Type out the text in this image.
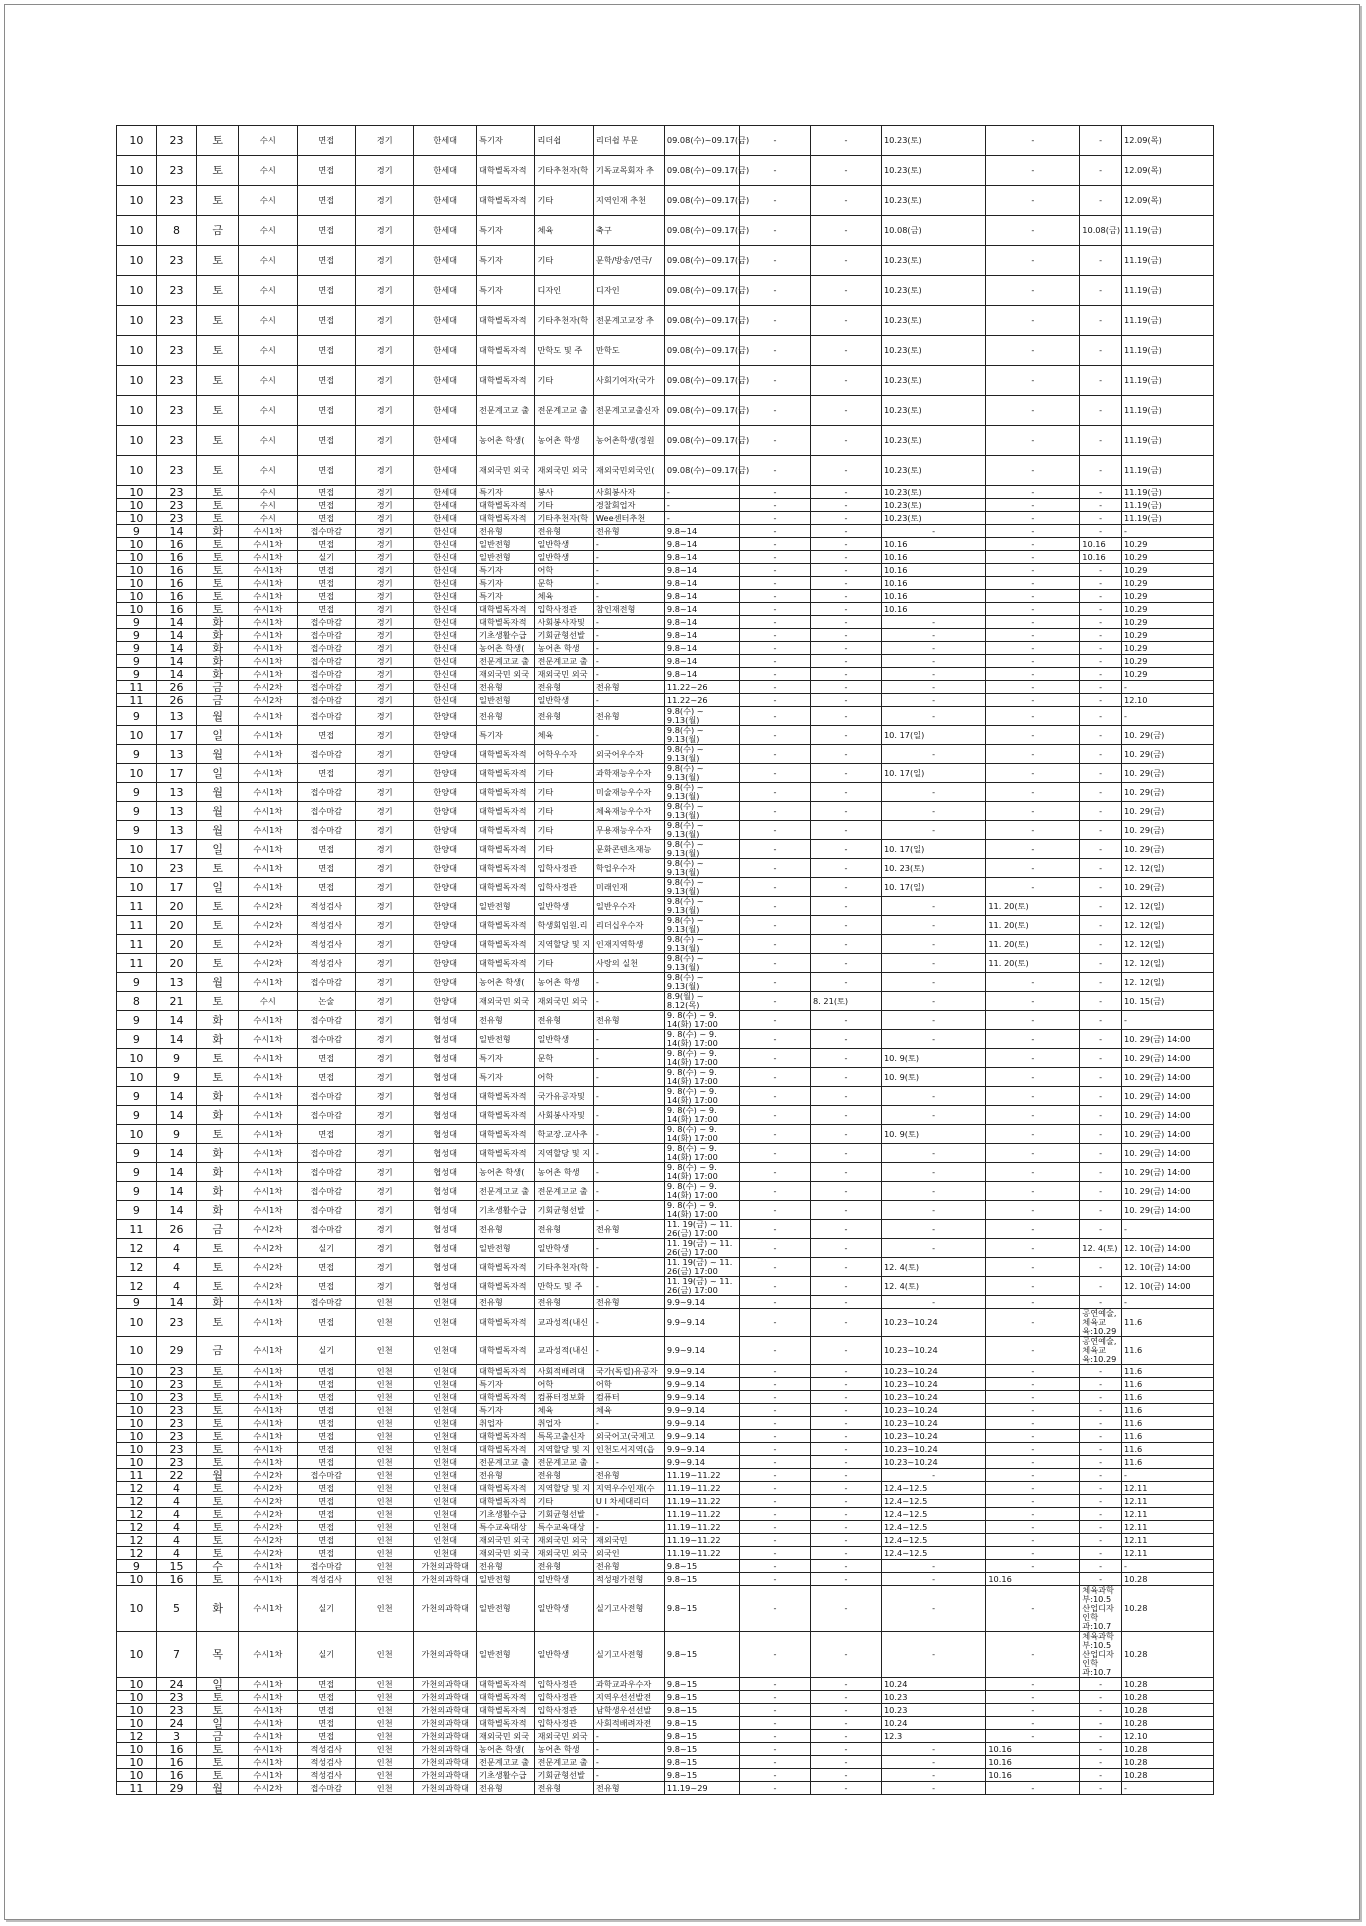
10	23	토	수시	면접	경기	한세대	특기자	리더쉽	리더쉽 부문	09.08(수)~09.17(금)	-	-	10.23(토)	-	-	12.09(목)
10	23	토	수시	면접	경기	한세대	대학별독자적	기타추천자(학	기독교목회자 추	09.08(수)~09.17(금)	-	-	10.23(토)	-	-	12.09(목)
10	23	토	수시	면접	경기	한세대	대학별독자적	기타	지역인재 추천	09.08(수)~09.17(금)	-	-	10.23(토)	-	-	12.09(목)
10	8	금	수시	면접	경기	한세대	특기자	체육	축구	09.08(수)~09.17(금)	-	-	10.08(금)	-	10.08(금)	11.19(금)
10	23	토	수시	면접	경기	한세대	특기자	기타	문학/방송/연극/	09.08(수)~09.17(금)	-	-	10.23(토)	-	-	11.19(금)
10	23	토	수시	면접	경기	한세대	특기자	디자인	디자인	09.08(수)~09.17(금)	-	-	10.23(토)	-	-	11.19(금)
10	23	토	수시	면접	경기	한세대	대학별독자적	기타추천자(학	전문계고교장 추	09.08(수)~09.17(금)	-	-	10.23(토)	-	-	11.19(금)
10	23	토	수시	면접	경기	한세대	대학별독자적	만학도 및 주	만학도	09.08(수)~09.17(금)	-	-	10.23(토)	-	-	11.19(금)
10	23	토	수시	면접	경기	한세대	대학별독자적	기타	사회기여자(국가	09.08(수)~09.17(금)	-	-	10.23(토)	-	-	11.19(금)
10	23	토	수시	면접	경기	한세대	전문계고교 출	전문계고교 출	전문계고교출신자	09.08(수)~09.17(금)	-	-	10.23(토)	-	-	11.19(금)
10	23	토	수시	면접	경기	한세대	농어촌 학생(	농어촌 학생	농어촌학생(정원	09.08(수)~09.17(금)	-	-	10.23(토)	-	-	11.19(금)
10	23	토	수시	면접	경기	한세대	재외국민 외국	재외국민 외국	재외국민외국인(	09.08(수)~09.17(금)	-	-	10.23(토)	-	-	11.19(금)
10	23	토	수시	면접	경기	한세대	특기자	봉사	사회봉사자	-	-	-	10.23(토)	-	-	11.19(금)
10	23	토	수시	면접	경기	한세대	대학별독자적	기타	경찰회업자	-	-	-	10.23(토)	-	-	11.19(금)
10	23	토	수시	면접	경기	한세대	대학별독자적	기타추천자(학	Wee센터추천	-	-	-	10.23(토)	-	-	11.19(금)
9	14	화	수시1차	접수마감	경기	한신대	전유형	전유형	전유형	9.8~14	-	-	-	-	-	-
10	16	토	수시1차	면접	경기	한신대	일반전형	일반학생	-	9.8~14	-	-	10.16	-	10.16	10.29
10	16	토	수시1차	실기	경기	한신대	일반전형	일반학생	-	9.8~14	-	-	10.16	-	10.16	10.29
10	16	토	수시1차	면접	경기	한신대	특기자	어학	-	9.8~14	-	-	10.16	-	-	10.29
10	16	토	수시1차	면접	경기	한신대	특기자	문학	-	9.8~14	-	-	10.16	-	-	10.29
10	16	토	수시1차	면접	경기	한신대	특기자	체육	-	9.8~14	-	-	10.16	-	-	10.29
10	16	토	수시1차	면접	경기	한신대	대학별독자적	입학사정관	참인재전형	9.8~14	-	-	10.16	-	-	10.29
9	14	화	수시1차	접수마감	경기	한신대	대학별독자적	사회봉사자및	-	9.8~14	-	-	-	-	-	10.29
9	14	화	수시1차	접수마감	경기	한신대	기초생활수급	기회균형선발	-	9.8~14	-	-	-	-	-	10.29
9	14	화	수시1차	접수마감	경기	한신대	농어촌 학생(	농어촌 학생	-	9.8~14	-	-	-	-	-	10.29
9	14	화	수시1차	접수마감	경기	한신대	전문계고교 출	전문계고교 출	-	9.8~14	-	-	-	-	-	10.29
9	14	화	수시1차	접수마감	경기	한신대	재외국민 외국	재외국민 외국	-	9.8~14	-	-	-	-	-	10.29
11	26	금	수시2차	접수마감	경기	한신대	전유형	전유형	전유형	11.22~26	-	-	-	-	-	-
11	26	금	수시2차	접수마감	경기	한신대	일반전형	일반학생	-	11.22~26	-	-	-	-	-	12.10
9	13	월	수시1차	접수마감	경기	한양대	전유형	전유형	전유형	9.8(수) ~ 9.13(월)	-	-	-	-	-	-
10	17	일	수시1차	면접	경기	한양대	특기자	체육	-	9.8(수) ~ 9.13(월)	-	-	10. 17(일)	-	-	10. 29(금)
9	13	월	수시1차	접수마감	경기	한양대	대학별독자적	어학우수자	외국어우수자	9.8(수) ~ 9.13(월)	-	-	-	-	-	10. 29(금)
10	17	일	수시1차	면접	경기	한양대	대학별독자적	기타	과학재능우수자	9.8(수) ~ 9.13(월)	-	-	10. 17(일)	-	-	10. 29(금)
9	13	월	수시1차	접수마감	경기	한양대	대학별독자적	기타	미술재능우수자	9.8(수) ~ 9.13(월)	-	-	-	-	-	10. 29(금)
9	13	월	수시1차	접수마감	경기	한양대	대학별독자적	기타	체육재능우수자	9.8(수) ~ 9.13(월)	-	-	-	-	-	10. 29(금)
9	13	월	수시1차	접수마감	경기	한양대	대학별독자적	기타	무용재능우수자	9.8(수) ~ 9.13(월)	-	-	-	-	-	10. 29(금)
10	17	일	수시1차	면접	경기	한양대	대학별독자적	기타	문화콘텐츠재능	9.8(수) ~ 9.13(월)	-	-	10. 17(일)	-	-	10. 29(금)
10	23	토	수시1차	면접	경기	한양대	대학별독자적	입학사정관	학업우수자	9.8(수) ~ 9.13(월)	-	-	10. 23(토)	-	-	12. 12(일)
10	17	일	수시1차	면접	경기	한양대	대학별독자적	입학사정관	미래인재	9.8(수) ~ 9.13(월)	-	-	10. 17(일)	-	-	10. 29(금)
11	20	토	수시2차	적성검사	경기	한양대	일반전형	일반학생	일반우수자	9.8(수) ~ 9.13(월)	-	-	-	11. 20(토)	-	12. 12(일)
11	20	토	수시2차	적성검사	경기	한양대	대학별독자적	학생회임원.리	리더십우수자	9.8(수) ~ 9.13(월)	-	-	-	11. 20(토)	-	12. 12(일)
11	20	토	수시2차	적성검사	경기	한양대	대학별독자적	지역할당 및 지	인재지역학생	9.8(수) ~ 9.13(월)	-	-	-	11. 20(토)	-	12. 12(일)
11	20	토	수시2차	적성검사	경기	한양대	대학별독자적	기타	사랑의 실천	9.8(수) ~ 9.13(월)	-	-	-	11. 20(토)	-	12. 12(일)
9	13	월	수시1차	접수마감	경기	한양대	농어촌 학생(	농어촌 학생	-	9.8(수) ~ 9.13(월)	-	-	-	-	-	12. 12(일)
8	21	토	수시	논술	경기	한양대	재외국민 외국	재외국민 외국	-	8.9(월) ~ 8.12(목)	-	8. 21(토)	-	-	-	10. 15(금)
9	14	화	수시1차	접수마감	경기	협성대	전유형	전유형	전유형	9. 8(수) ~ 9. 14(화) 17:00	-	-	-	-	-	-
9	14	화	수시1차	접수마감	경기	협성대	일반전형	일반학생	-	9. 8(수) ~ 9. 14(화) 17:00	-	-	-	-	-	10. 29(금) 14:00
10	9	토	수시1차	면접	경기	협성대	특기자	문학	-	9. 8(수) ~ 9. 14(화) 17:00	-	-	10. 9(토)	-	-	10. 29(금) 14:00
10	9	토	수시1차	면접	경기	협성대	특기자	어학	-	9. 8(수) ~ 9. 14(화) 17:00	-	-	10. 9(토)	-	-	10. 29(금) 14:00
9	14	화	수시1차	접수마감	경기	협성대	대학별독자적	국가유공자및	-	9. 8(수) ~ 9. 14(화) 17:00	-	-	-	-	-	10. 29(금) 14:00
9	14	화	수시1차	접수마감	경기	협성대	대학별독자적	사회봉사자및	-	9. 8(수) ~ 9. 14(화) 17:00	-	-	-	-	-	10. 29(금) 14:00
10	9	토	수시1차	면접	경기	협성대	대학별독자적	학교장.교사추	-	9. 8(수) ~ 9. 14(화) 17:00	-	-	10. 9(토)	-	-	10. 29(금) 14:00
9	14	화	수시1차	접수마감	경기	협성대	대학별독자적	지역할당 및 지	-	9. 8(수) ~ 9. 14(화) 17:00	-	-	-	-	-	10. 29(금) 14:00
9	14	화	수시1차	접수마감	경기	협성대	농어촌 학생(	농어촌 학생	-	9. 8(수) ~ 9. 14(화) 17:00	-	-	-	-	-	10. 29(금) 14:00
9	14	화	수시1차	접수마감	경기	협성대	전문계고교 출	전문계고교 출	-	9. 8(수) ~ 9. 14(화) 17:00	-	-	-	-	-	10. 29(금) 14:00
9	14	화	수시1차	접수마감	경기	협성대	기초생활수급	기회균형선발	-	9. 8(수) ~ 9. 14(화) 17:00	-	-	-	-	-	10. 29(금) 14:00
11	26	금	수시2차	접수마감	경기	협성대	전유형	전유형	전유형	11. 19(금) ~ 11. 26(금) 17:00	-	-	-	-	-	-
12	4	토	수시2차	실기	경기	협성대	일반전형	일반학생	-	11. 19(금) ~ 11. 26(금) 17:00	-	-	-	-	12. 4(토)	12. 10(금) 14:00
12	4	토	수시2차	면접	경기	협성대	대학별독자적	기타추천자(학	-	11. 19(금) ~ 11. 26(금) 17:00	-	-	12. 4(토)	-	-	12. 10(금) 14:00
12	4	토	수시2차	면접	경기	협성대	대학별독자적	만학도 및 주	-	11. 19(금) ~ 11. 26(금) 17:00	-	-	12. 4(토)	-	-	12. 10(금) 14:00
9	14	화	수시1차	접수마감	인천	인천대	전유형	전유형	전유형	9.9~9.14	-	-	-	-	-	-
10	23	토	수시1차	면접	인천	인천대	대학별독자적	교과성적(내신	-	9.9~9.14	-	-	10.23~10.24	-	공연예술,체육교육:10.29	11.6
10	29	금	수시1차	실기	인천	인천대	대학별독자적	교과성적(내신	-	9.9~9.14	-	-	10.23~10.24	-	공연예술,체육교육:10.29	11.6
10	23	토	수시1차	면접	인천	인천대	대학별독자적	사회적배려대	국가(독립)유공자	9.9~9.14	-	-	10.23~10.24	-	-	11.6
10	23	토	수시1차	면접	인천	인천대	특기자	어학	어학	9.9~9.14	-	-	10.23~10.24	-	-	11.6
10	23	토	수시1차	면접	인천	인천대	대학별독자적	컴퓨터정보화	컴퓨터	9.9~9.14	-	-	10.23~10.24	-	-	11.6
10	23	토	수시1차	면접	인천	인천대	특기자	체육	체육	9.9~9.14	-	-	10.23~10.24	-	-	11.6
10	23	토	수시1차	면접	인천	인천대	취업자	취업자	-	9.9~9.14	-	-	10.23~10.24	-	-	11.6
10	23	토	수시1차	면접	인천	인천대	대학별독자적	특목고출신자	외국어고(국제고	9.9~9.14	-	-	10.23~10.24	-	-	11.6
10	23	토	수시1차	면접	인천	인천대	대학별독자적	지역할당 및 지	인천도서지역(읍	9.9~9.14	-	-	10.23~10.24	-	-	11.6
10	23	토	수시1차	면접	인천	인천대	전문계고교 출	전문계고교 출	-	9.9~9.14	-	-	10.23~10.24	-	-	11.6
11	22	월	수시2차	접수마감	인천	인천대	전유형	전유형	전유형	11.19~11.22	-	-	-	-	-	-
12	4	토	수시2차	면접	인천	인천대	대학별독자적	지역할당 및 지	지역우수인재(수	11.19~11.22	-	-	12.4~12.5	-	-	12.11
12	4	토	수시2차	면접	인천	인천대	대학별독자적	기타	U I 차세대리더	11.19~11.22	-	-	12.4~12.5	-	-	12.11
12	4	토	수시2차	면접	인천	인천대	기초생활수급	기회균형선발	-	11.19~11.22	-	-	12.4~12.5	-	-	12.11
12	4	토	수시2차	면접	인천	인천대	특수교육대상	특수교육대상	-	11.19~11.22	-	-	12.4~12.5	-	-	12.11
12	4	토	수시2차	면접	인천	인천대	재외국민 외국	재외국민 외국	재외국민	11.19~11.22	-	-	12.4~12.5	-	-	12.11
12	4	토	수시2차	면접	인천	인천대	재외국민 외국	재외국민 외국	외국인	11.19~11.22	-	-	12.4~12.5	-	-	12.11
9	15	수	수시1차	접수마감	인천	가천의과학대	전유형	전유형	전유형	9.8~15	-	-	-	-	-	-
10	16	토	수시1차	적성검사	인천	가천의과학대	일반전형	일반학생	적성평가전형	9.8~15	-	-	-	10.16	-	10.28
10	5	화	수시1차	실기	인천	가천의과학대	일반전형	일반학생	실기고사전형	9.8~15	-	-	-	-	체육과학부:10.5 산업디자인학과:10.7	10.28
10	7	목	수시1차	실기	인천	가천의과학대	일반전형	일반학생	실기고사전형	9.8~15	-	-	-	-	체육과학부:10.5 산업디자인학과:10.7	10.28
10	24	일	수시1차	면접	인천	가천의과학대	대학별독자적	입학사정관	과학교과우수자	9.8~15	-	-	10.24	-	-	10.28
10	23	토	수시1차	면접	인천	가천의과학대	대학별독자적	입학사정관	지역우선선발전	9.8~15	-	-	10.23	-	-	10.28
10	23	토	수시1차	면접	인천	가천의과학대	대학별독자적	입학사정관	남학생우선선발	9.8~15	-	-	10.23	-	-	10.28
10	24	일	수시1차	면접	인천	가천의과학대	대학별독자적	입학사정관	사회적배려자전	9.8~15	-	-	10.24	-	-	10.28
12	3	금	수시1차	면접	인천	가천의과학대	재외국민 외국	재외국민 외국	-	9.8~15	-	-	12.3	-	-	12.10
10	16	토	수시1차	적성검사	인천	가천의과학대	농어촌 학생(	농어촌 학생	-	9.8~15	-	-	-	10.16	-	10.28
10	16	토	수시1차	적성검사	인천	가천의과학대	전문계고교 출	전문계고교 출	-	9.8~15	-	-	-	10.16	-	10.28
10	16	토	수시1차	적성검사	인천	가천의과학대	기초생활수급	기회균형선발	-	9.8~15	-	-	-	10.16	-	10.28
11	29	월	수시2차	접수마감	인천	가천의과학대	전유형	전유형	전유형	11.19~29	-	-	-	-	-	-
